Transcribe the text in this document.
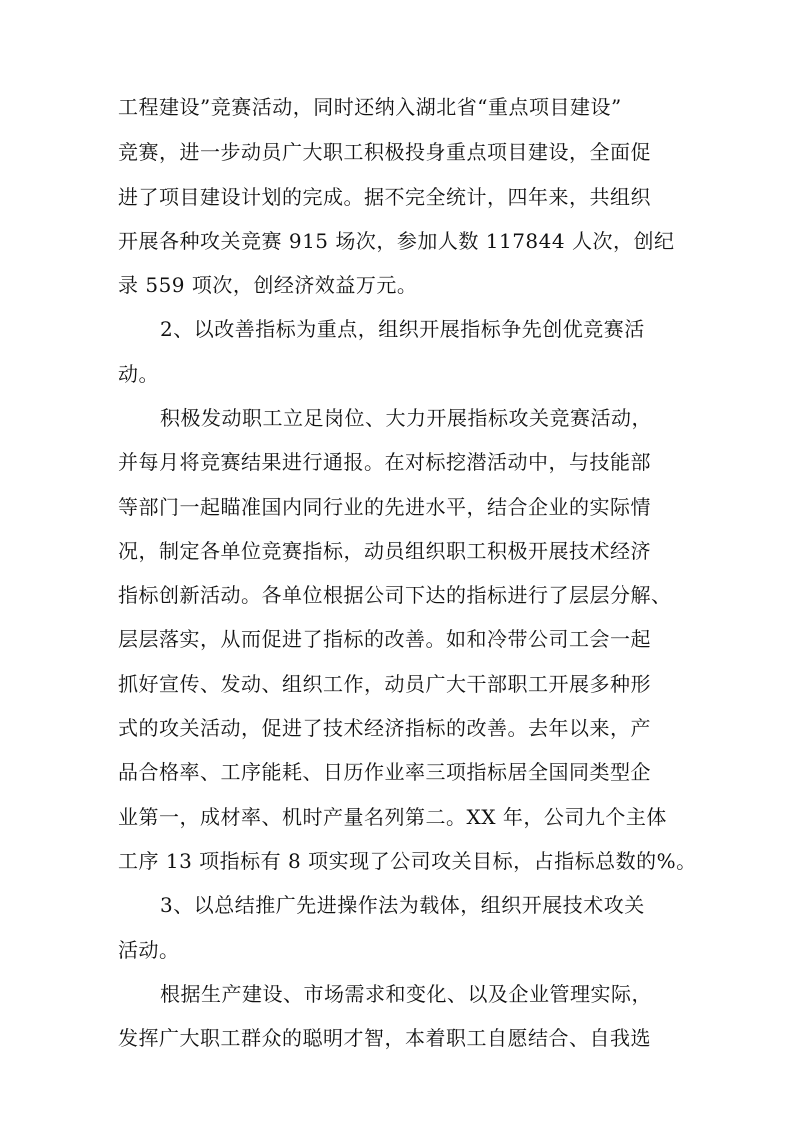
工程建设”竞赛活动，同时还纳入湖北省“重点项目建设”
竞赛，进一步动员广大职工积极投身重点项目建设，全面促
进了项目建设计划的完成。据不完全统计，四年来，共组织
开展各种攻关竞赛 915 场次，参加人数 117844 人次，创纪
录 559 项次，创经济效益万元。
2、以改善指标为重点，组织开展指标争先创优竞赛活
动。
积极发动职工立足岗位、大力开展指标攻关竞赛活动，
并每月将竞赛结果进行通报。在对标挖潜活动中，与技能部
等部门一起瞄准国内同行业的先进水平，结合企业的实际情
况，制定各单位竞赛指标，动员组织职工积极开展技术经济
指标创新活动。各单位根据公司下达的指标进行了层层分解、
层层落实，从而促进了指标的改善。如和冷带公司工会一起
抓好宣传、发动、组织工作，动员广大干部职工开展多种形
式的攻关活动，促进了技术经济指标的改善。去年以来，产
品合格率、工序能耗、日历作业率三项指标居全国同类型企
业第一，成材率、机时产量名列第二。XX 年，公司九个主体
工序 13 项指标有 8 项实现了公司攻关目标，占指标总数的%。
3、以总结推广先进操作法为载体，组织开展技术攻关
活动。
根据生产建设、市场需求和变化、以及企业管理实际，
发挥广大职工群众的聪明才智，本着职工自愿结合、自我选
